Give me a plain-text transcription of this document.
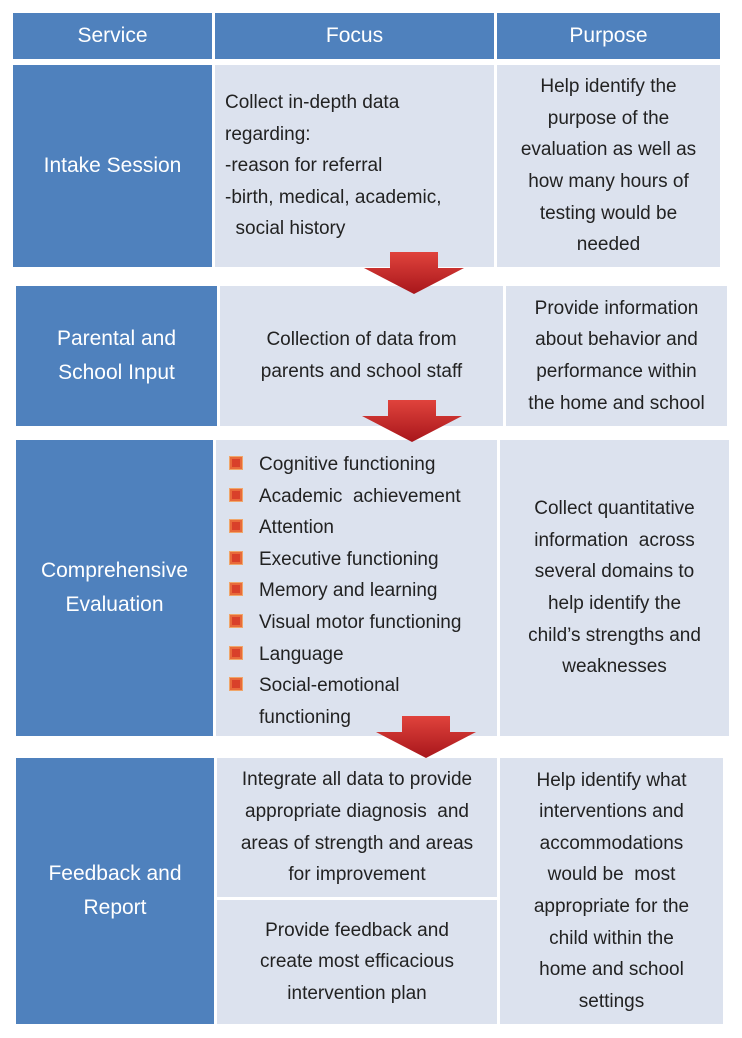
Service	Focus	Purpose
Intake Session
Collect in-depth data
regarding:
-reason for referral
-birth, medical, academic,
social history
Help identify the
purpose of the
evaluation as well as
how many hours of
testing would be
needed
Parental and
School Input
Collection of data from
parents and school staff
Provide information
about behavior and
performance within
the home and school
Comprehensive
Evaluation
Cognitive functioning
Academic  achievement
Attention
Executive functioning
Memory and learning
Visual motor functioning
Language
Social-emotional functioning
Collect quantitative
information  across
several domains to
help identify the
child’s strengths and
weaknesses
Feedback and
Report
Integrate all data to provide
appropriate diagnosis  and
areas of strength and areas
for improvement
Provide feedback and
create most efficacious
intervention plan
Help identify what
interventions and
accommodations
would be  most
appropriate for the
child within the
home and school
settings
